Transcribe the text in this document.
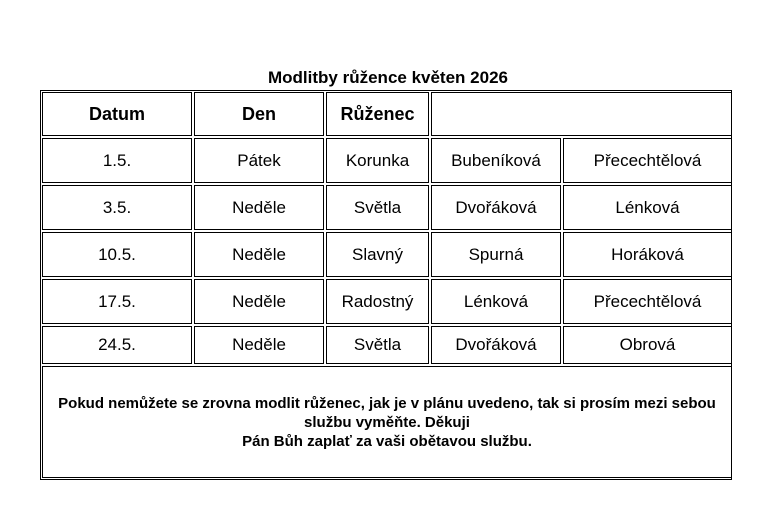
Modlitby růžence květen 2026
Datum	Den	Růženec
1.5.	Pátek	Korunka	Bubeníková	Přecechtělová
3.5.	Neděle	Světla	Dvořáková	Lénková
10.5.	Neděle	Slavný	Spurná	Horáková
17.5.	Neděle	Radostný	Lénková	Přecechtělová
24.5.	Neděle	Světla	Dvořáková	Obrová
Pokud nemůžete se zrovna modlit růženec, jak je v plánu uvedeno, tak si prosím mezi sebou službu vyměňte. Děkuji
Pán Bůh zaplať za vaši obětavou službu.
